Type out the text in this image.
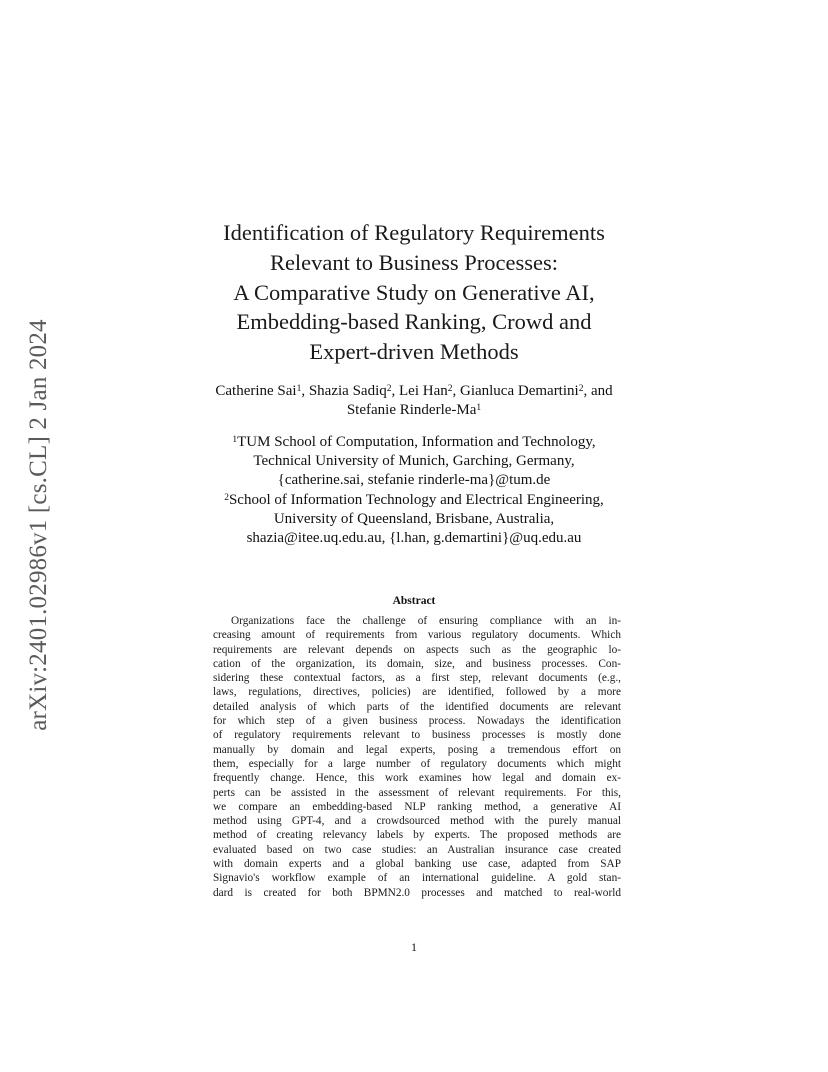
arXiv:2401.02986v1 [cs.CL] 2 Jan 2024
Identification of Regulatory Requirements
Relevant to Business Processes:
A Comparative Study on Generative AI,
Embedding-based Ranking, Crowd and
Expert-driven Methods
Catherine Sai$^1$, Shazia Sadiq$^2$, Lei Han$^2$, Gianluca Demartini$^2$, and
Stefanie Rinderle-Ma$^1$
$^1$TUM School of Computation, Information and Technology,
Technical University of Munich, Garching, Germany,
{catherine.sai, stefanie rinderle-ma}@tum.de
$^2$School of Information Technology and Electrical Engineering,
University of Queensland, Brisbane, Australia,
shazia@itee.uq.edu.au, {l.han, g.demartini}@uq.edu.au
Abstract
Organizations face the challenge of ensuring compliance with an in-
creasing amount of requirements from various regulatory documents. Which
requirements are relevant depends on aspects such as the geographic lo-
cation of the organization, its domain, size, and business processes. Con-
sidering these contextual factors, as a first step, relevant documents (e.g.,
laws, regulations, directives, policies) are identified, followed by a more
detailed analysis of which parts of the identified documents are relevant
for which step of a given business process. Nowadays the identification
of regulatory requirements relevant to business processes is mostly done
manually by domain and legal experts, posing a tremendous effort on
them, especially for a large number of regulatory documents which might
frequently change. Hence, this work examines how legal and domain ex-
perts can be assisted in the assessment of relevant requirements. For this,
we compare an embedding-based NLP ranking method, a generative AI
method using GPT-4, and a crowdsourced method with the purely manual
method of creating relevancy labels by experts. The proposed methods are
evaluated based on two case studies: an Australian insurance case created
with domain experts and a global banking use case, adapted from SAP
Signavio's workflow example of an international guideline. A gold stan-
dard is created for both BPMN2.0 processes and matched to real-world
1
